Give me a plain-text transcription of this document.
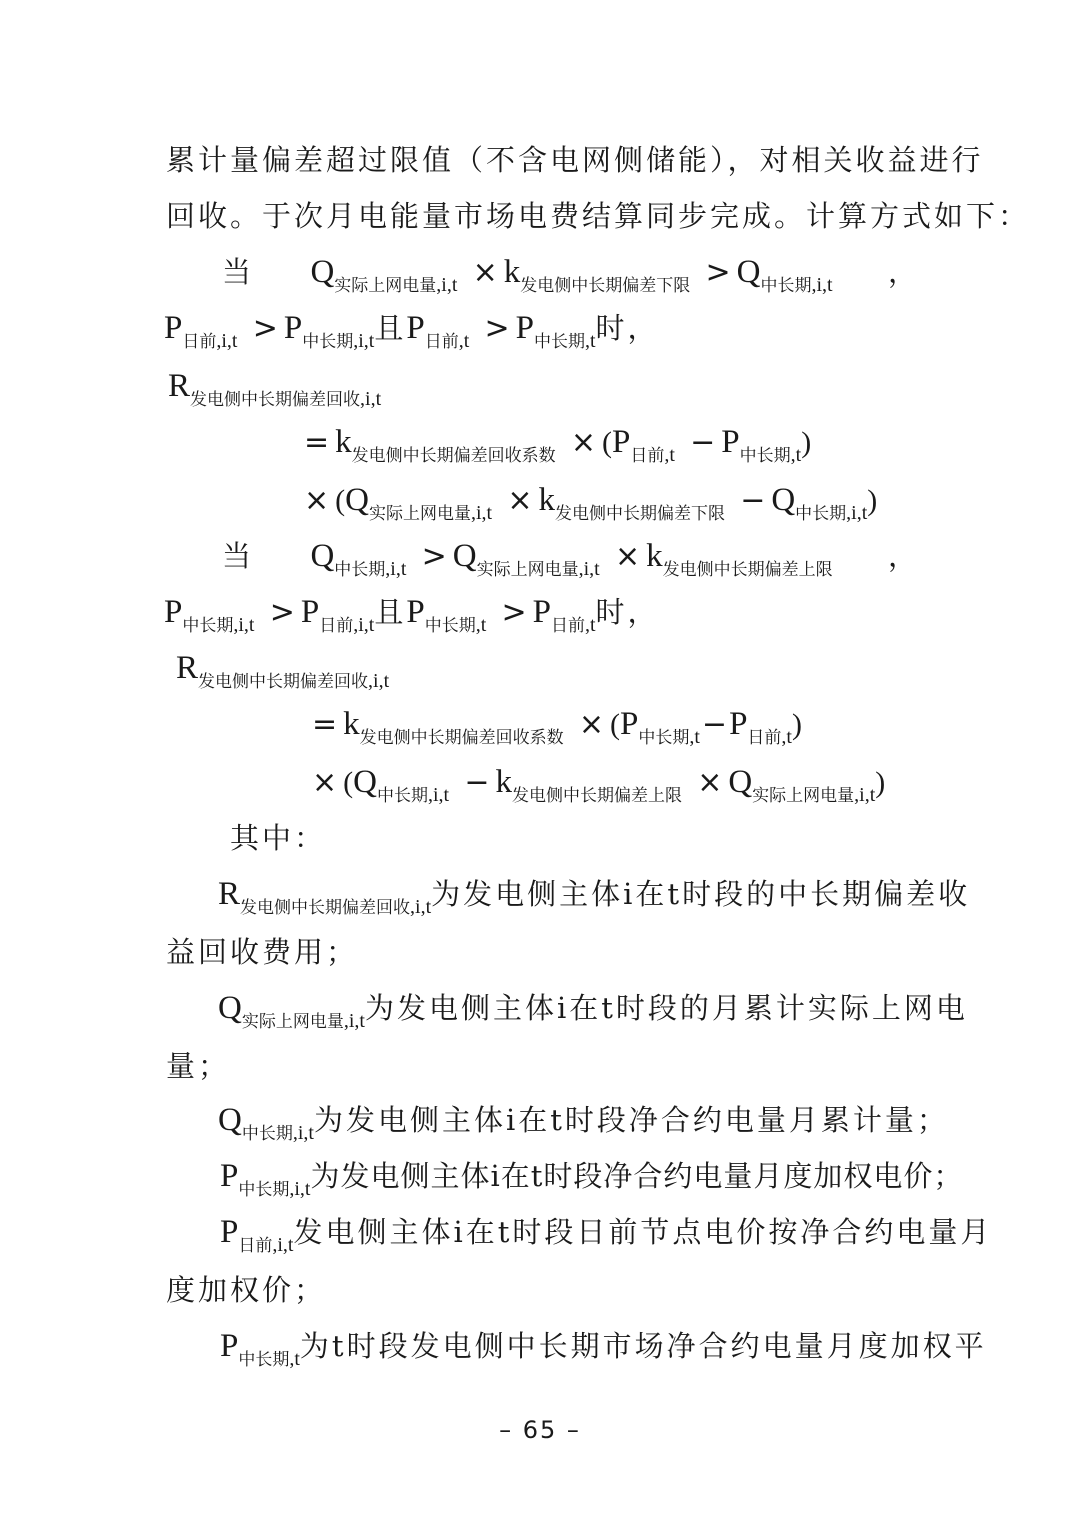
累计量偏差超过限值（不含电网侧储能），对相关收益进行
回收。于次月电能量市场电费结算同步完成。计算方式如下：
当 $Q_{实际上网电量,i,t} \times k_{发电侧中长期偏差下限} > Q_{中长期,i,t}$ ，
$P_{日前,i,t} > P_{中长期,i,t}$且$P_{日前,t} > P_{中长期,t}$时，
$R_{发电侧中长期偏差回收,i,t}$
= $k_{发电侧中长期偏差回收系数} \times (P_{日前,t} - P_{中长期,t})$
× $(Q_{实际上网电量,i,t} \times k_{发电侧中长期偏差下限} - Q_{中长期,i,t})$
当 $Q_{中长期,i,t} > Q_{实际上网电量,i,t} \times k_{发电侧中长期偏差上限}$ ，
$P_{中长期,i,t} > P_{日前,i,t}$且$P_{中长期,t} > P_{日前,t}$时，
$R_{发电侧中长期偏差回收,i,t}$
= $k_{发电侧中长期偏差回收系数} \times (P_{中长期,t}-P_{日前,t})$
× $(Q_{中长期,i,t} - k_{发电侧中长期偏差上限} \times Q_{实际上网电量,i,t})$
其中：
$R_{发电侧中长期偏差回收,i,t}$为发电侧主体i在t时段的中长期偏差收
益回收费用；
$Q_{实际上网电量,i,t}$为发电侧主体i在t时段的月累计实际上网电
量；
$Q_{中长期,i,t}$为发电侧主体i在t时段净合约电量月累计量；
$P_{中长期,i,t}$为发电侧主体i在t时段净合约电量月度加权电价；
$P_{日前,i,t}$发电侧主体i在t时段日前节点电价按净合约电量月
度加权价；
$P_{中长期,t}$为t时段发电侧中长期市场净合约电量月度加权平
– 65 –
